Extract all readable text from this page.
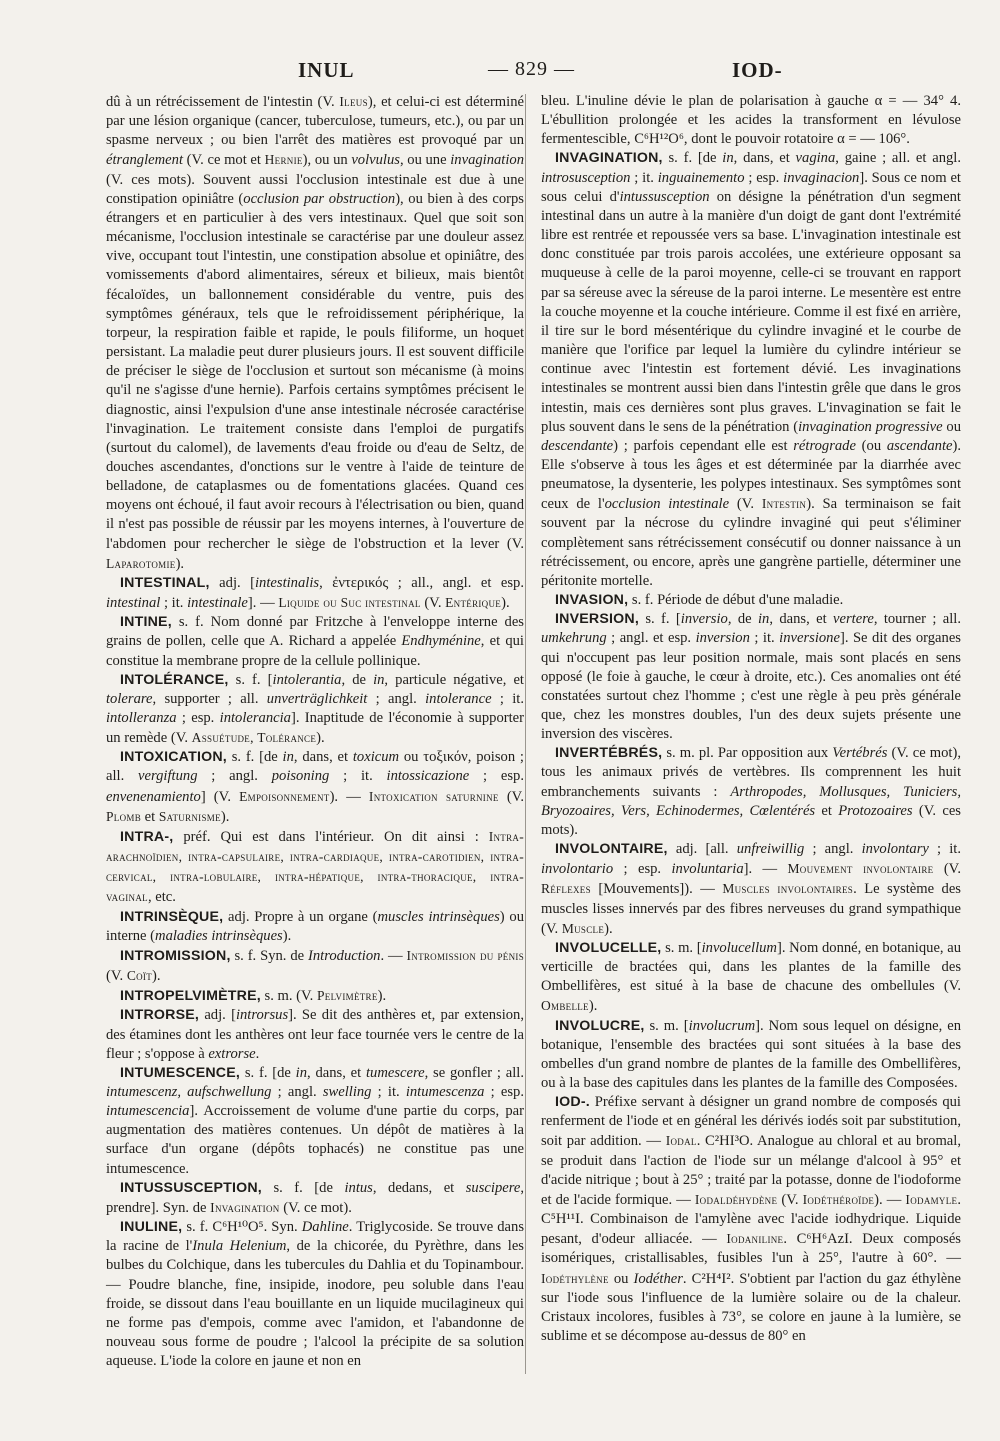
INUL	— 829 —	IOD-

dû à un rétrécissement de l'intestin (V. Ileus), et celui-ci est déterminé par une lésion organique (cancer, tuberculose, tumeurs, etc.), ou par un spasme nerveux ; ou bien l'arrêt des matières est provoqué par un étranglement (V. ce mot et Hernie), ou un volvulus, ou une invagination (V. ces mots). Souvent aussi l'occlusion intestinale est due à une constipation opiniâtre (occlusion par obstruction), ou bien à des corps étrangers et en particulier à des vers intestinaux. Quel que soit son mécanisme, l'occlusion intestinale se caractérise par une douleur assez vive, occupant tout l'intestin, une constipation absolue et opiniâtre, des vomissements d'abord alimentaires, séreux et bilieux, mais bientôt fécaloïdes, un ballonnement considérable du ventre, puis des symptômes généraux, tels que le refroidissement périphérique, la torpeur, la respiration faible et rapide, le pouls filiforme, un hoquet persistant. La maladie peut durer plusieurs jours. Il est souvent difficile de préciser le siège de l'occlusion et surtout son mécanisme (à moins qu'il ne s'agisse d'une hernie). Parfois certains symptômes précisent le diagnostic, ainsi l'expulsion d'une anse intestinale nécrosée caractérise l'invagination. Le traitement consiste dans l'emploi de purgatifs (surtout du calomel), de lavements d'eau froide ou d'eau de Seltz, de douches ascendantes, d'onctions sur le ventre à l'aide de teinture de belladone, de cataplasmes ou de fomentations glacées. Quand ces moyens ont échoué, il faut avoir recours à l'électrisation ou bien, quand il n'est pas possible de réussir par les moyens internes, à l'ouverture de l'abdomen pour rechercher le siège de l'obstruction et la lever (V. Laparotomie).

INTESTINAL, adj. [intestinalis, ἐντερικός ; all., angl. et esp. intestinal ; it. intestinale]. — Liquide ou Suc intestinal (V. Entérique).

INTINE, s. f. Nom donné par Fritzche à l'enveloppe interne des grains de pollen, celle que A. Richard a appelée Endhyménine, et qui constitue la membrane propre de la cellule pollinique.

INTOLÉRANCE, s. f. [intolerantia, de in, particule négative, et tolerare, supporter ; all. unverträglichkeit ; angl. intolerance ; it. intolleranza ; esp. intolerancia]. Inaptitude de l'économie à supporter un remède (V. Assuétude, Tolérance).

INTOXICATION, s. f. [de in, dans, et toxicum ou τοξικόν, poison ; all. vergiftung ; angl. poisoning ; it. intossicazione ; esp. envenenamiento] (V. Empoisonnement). — Intoxication saturnine (V. Plomb et Saturnisme).

INTRA-, préf. Qui est dans l'intérieur. On dit ainsi : Intra-arachnoïdien, intra-capsulaire, intra-cardiaque, intra-carotidien, intra-cervical, intra-lobulaire, intra-hépatique, intra-thoracique, intra-vaginal, etc.

INTRINSÈQUE, adj. Propre à un organe (muscles intrinsèques) ou interne (maladies intrinsèques).

INTROMISSION, s. f. Syn. de Introduction. — Intromission du pénis (V. Coït).

INTROPELVIMÈTRE, s. m. (V. Pelvimètre).

INTRORSE, adj. [introrsus]. Se dit des anthères et, par extension, des étamines dont les anthères ont leur face tournée vers le centre de la fleur ; s'oppose à extrorse.

INTUMESCENCE, s. f. [de in, dans, et tumescere, se gonfler ; all. intumescenz, aufschwellung ; angl. swelling ; it. intumescenza ; esp. intumescencia]. Accroissement de volume d'une partie du corps, par augmentation des matières contenues. Un dépôt de matières à la surface d'un organe (dépôts tophacés) ne constitue pas une intumescence.

INTUSSUSCEPTION, s. f. [de intus, dedans, et suscipere, prendre]. Syn. de Invagination (V. ce mot).

INULINE, s. f. C⁶H¹⁰O⁵. Syn. Dahline. Triglycoside. Se trouve dans la racine de l'Inula Helenium, de la chicorée, du Pyrèthre, dans les bulbes du Colchique, dans les tubercules du Dahlia et du Topinambour. — Poudre blanche, fine, insipide, inodore, peu soluble dans l'eau froide, se dissout dans l'eau bouillante en un liquide mucilagineux qui ne forme pas d'empois, comme avec l'amidon, et l'abandonne de nouveau sous forme de poudre ; l'alcool la précipite de sa solution aqueuse. L'iode la colore en jaune et non en

bleu. L'inuline dévie le plan de polarisation à gauche α = — 34° 4. L'ébullition prolongée et les acides la transforment en lévulose fermentescible, C⁶H¹²O⁶, dont le pouvoir rotatoire α = — 106°.

INVAGINATION, s. f. [de in, dans, et vagina, gaine ; all. et angl. introsusception ; it. inguainemento ; esp. invaginacion]. Sous ce nom et sous celui d'intussusception on désigne la pénétration d'un segment intestinal dans un autre à la manière d'un doigt de gant dont l'extrémité libre est rentrée et repoussée vers sa base. L'invagination intestinale est donc constituée par trois parois accolées, une extérieure opposant sa muqueuse à celle de la paroi moyenne, celle-ci se trouvant en rapport par sa séreuse avec la séreuse de la paroi interne. Le mesentère est entre la couche moyenne et la couche intérieure. Comme il est fixé en arrière, il tire sur le bord mésentérique du cylindre invaginé et le courbe de manière que l'orifice par lequel la lumière du cylindre intérieur se continue avec l'intestin est fortement dévié. Les invaginations intestinales se montrent aussi bien dans l'intestin grêle que dans le gros intestin, mais ces dernières sont plus graves. L'invagination se fait le plus souvent dans le sens de la pénétration (invagination progressive ou descendante) ; parfois cependant elle est rétrograde (ou ascendante). Elle s'observe à tous les âges et est déterminée par la diarrhée avec pneumatose, la dysenterie, les polypes intestinaux. Ses symptômes sont ceux de l'occlusion intestinale (V. Intestin). Sa terminaison se fait souvent par la nécrose du cylindre invaginé qui peut s'éliminer complètement sans rétrécissement consécutif ou donner naissance à un rétrécissement, ou encore, après une gangrène partielle, déterminer une péritonite mortelle.

INVASION, s. f. Période de début d'une maladie.

INVERSION, s. f. [inversio, de in, dans, et vertere, tourner ; all. umkehrung ; angl. et esp. inversion ; it. inversione]. Se dit des organes qui n'occupent pas leur position normale, mais sont placés en sens opposé (le foie à gauche, le cœur à droite, etc.). Ces anomalies ont été constatées surtout chez l'homme ; c'est une règle à peu près générale que, chez les monstres doubles, l'un des deux sujets présente une inversion des viscères.

INVERTÉBRÉS, s. m. pl. Par opposition aux Vertébrés (V. ce mot), tous les animaux privés de vertèbres. Ils comprennent les huit embranchements suivants : Arthropodes, Mollusques, Tuniciers, Bryozoaires, Vers, Echinodermes, Cœlentérés et Protozoaires (V. ces mots).

INVOLONTAIRE, adj. [all. unfreiwillig ; angl. involontary ; it. involontario ; esp. involuntaria]. — Mouvement involontaire (V. Réflexes [Mouvements]). — Muscles involontaires. Le système des muscles lisses innervés par des fibres nerveuses du grand sympathique (V. Muscle).

INVOLUCELLE, s. m. [involucellum]. Nom donné, en botanique, au verticille de bractées qui, dans les plantes de la famille des Ombellifères, est situé à la base de chacune des ombellules (V. Ombelle).

INVOLUCRE, s. m. [involucrum]. Nom sous lequel on désigne, en botanique, l'ensemble des bractées qui sont situées à la base des ombelles d'un grand nombre de plantes de la famille des Ombellifères, ou à la base des capitules dans les plantes de la famille des Composées.

IOD-. Préfixe servant à désigner un grand nombre de composés qui renferment de l'iode et en général les dérivés iodés soit par substitution, soit par addition. — Iodal. C²HI³O. Analogue au chloral et au bromal, se produit dans l'action de l'iode sur un mélange d'alcool à 95° et d'acide nitrique ; bout à 25° ; traité par la potasse, donne de l'iodoforme et de l'acide formique. — Iodaldéhydène (V. Iodéthéroïde). — Iodamyle. C⁵H¹¹I. Combinaison de l'amylène avec l'acide iodhydrique. Liquide pesant, d'odeur alliacée. — Iodaniline. C⁶H⁶AzI. Deux composés isomériques, cristallisables, fusibles l'un à 25°, l'autre à 60°. — Iodéthylène ou Iodéther. C²H⁴I². S'obtient par l'action du gaz éthylène sur l'iode sous l'influence de la lumière solaire ou de la chaleur. Cristaux incolores, fusibles à 73°, se colore en jaune à la lumière, se sublime et se décompose au-dessus de 80° en
